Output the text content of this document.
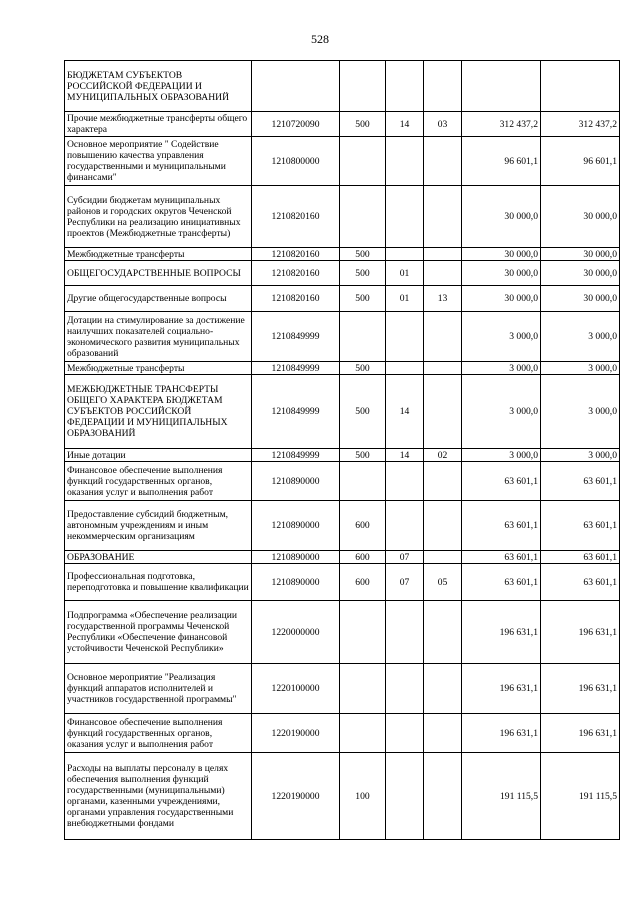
528
БЮДЖЕТАМ СУБЪЕКТОВ РОССИЙСКОЙ ФЕДЕРАЦИИ И МУНИЦИПАЛЬНЫХ ОБРАЗОВАНИЙ						
Прочие межбюджетные трансферты общего характера	1210720090	500	14	03	312 437,2	312 437,2
Основное мероприятие " Содействие повышению качества управления государственными и муниципальными финансами"	1210800000				96 601,1	96 601,1
Субсидии бюджетам муниципальных районов и городских округов Чеченской Республики на реализацию инициативных проектов (Межбюджетные трансферты)	1210820160				30 000,0	30 000,0
Межбюджетные трансферты	1210820160	500			30 000,0	30 000,0
ОБЩЕГОСУДАРСТВЕННЫЕ ВОПРОСЫ	1210820160	500	01		30 000,0	30 000,0
Другие общегосударственные вопросы	1210820160	500	01	13	30 000,0	30 000,0
Дотации на стимулирование за достижение наилучших показателей социально-экономического развития муниципальных образований	1210849999				3 000,0	3 000,0
Межбюджетные трансферты	1210849999	500			3 000,0	3 000,0
МЕЖБЮДЖЕТНЫЕ ТРАНСФЕРТЫ ОБЩЕГО ХАРАКТЕРА БЮДЖЕТАМ СУБЪЕКТОВ РОССИЙСКОЙ ФЕДЕРАЦИИ И МУНИЦИПАЛЬНЫХ ОБРАЗОВАНИЙ	1210849999	500	14		3 000,0	3 000,0
Иные дотации	1210849999	500	14	02	3 000,0	3 000,0
Финансовое обеспечение выполнения функций государственных органов, оказания услуг и выполнения работ	1210890000				63 601,1	63 601,1
Предоставление субсидий бюджетным, автономным учреждениям и иным некоммерческим организациям	1210890000	600			63 601,1	63 601,1
ОБРАЗОВАНИЕ	1210890000	600	07		63 601,1	63 601,1
Профессиональная подготовка, переподготовка и повышение квалификации	1210890000	600	07	05	63 601,1	63 601,1
Подпрограмма «Обеспечение реализации государственной программы Чеченской Республики «Обеспечение финансовой устойчивости Чеченской Республики»	1220000000				196 631,1	196 631,1
Основное мероприятие "Реализация функций аппаратов исполнителей и участников государственной программы"	1220100000				196 631,1	196 631,1
Финансовое обеспечение выполнения функций государственных органов, оказания услуг и выполнения работ	1220190000				196 631,1	196 631,1
Расходы на выплаты персоналу в целях обеспечения выполнения функций государственными (муниципальными) органами, казенными учреждениями, органами управления государственными внебюджетными фондами	1220190000	100			191 115,5	191 115,5
